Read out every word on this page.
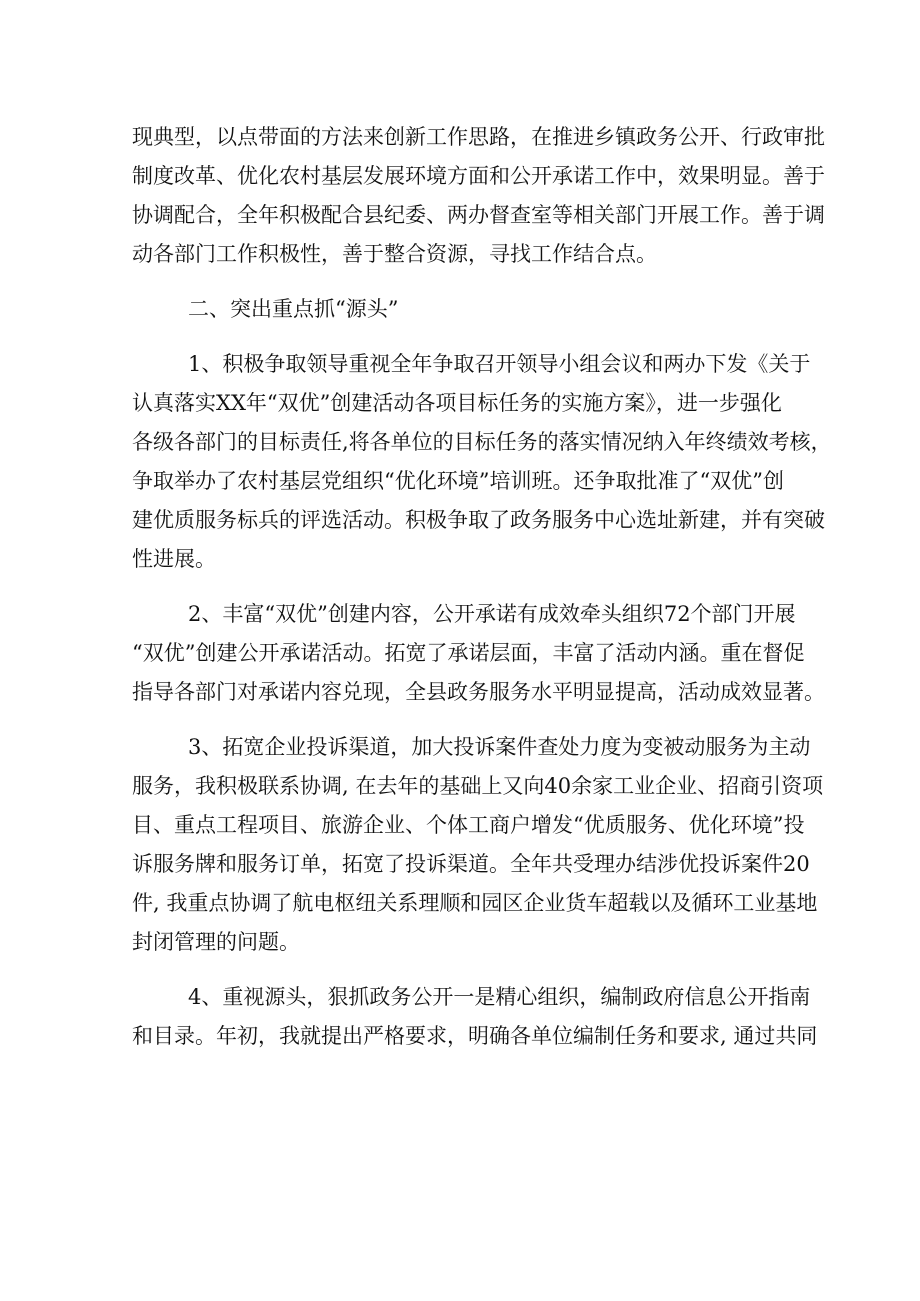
现典型，以点带面的方法来创新工作思路，在推进乡镇政务公开、行政审批
制度改革、优化农村基层发展环境方面和公开承诺工作中，效果明显。善于
协调配合，全年积极配合县纪委、两办督查室等相关部门开展工作。善于调
动各部门工作积极性，善于整合资源，寻找工作结合点。
二、突出重点抓“源头”
1、积极争取领导重视全年争取召开领导小组会议和两办下发《关于
认真落实XX年“双优”创建活动各项目标任务的实施方案》，进一步强化
各级各部门的目标责任,将各单位的目标任务的落实情况纳入年终绩效考核，
争取举办了农村基层党组织“优化环境”培训班。还争取批准了“双优”创
建优质服务标兵的评选活动。积极争取了政务服务中心选址新建，并有突破
性进展。
2、丰富“双优”创建内容，公开承诺有成效牵头组织72个部门开展
“双优”创建公开承诺活动。拓宽了承诺层面，丰富了活动内涵。重在督促
指导各部门对承诺内容兑现，全县政务服务水平明显提高，活动成效显著。
3、拓宽企业投诉渠道，加大投诉案件查处力度为变被动服务为主动
服务，我积极联系协调, 在去年的基础上又向40余家工业企业、招商引资项
目、重点工程项目、旅游企业、个体工商户增发“优质服务、优化环境”投
诉服务牌和服务订单，拓宽了投诉渠道。全年共受理办结涉优投诉案件20
件, 我重点协调了航电枢纽关系理顺和园区企业货车超载以及循环工业基地
封闭管理的问题。
4、重视源头，狠抓政务公开一是精心组织，编制政府信息公开指南
和目录。年初，我就提出严格要求，明确各单位编制任务和要求, 通过共同
